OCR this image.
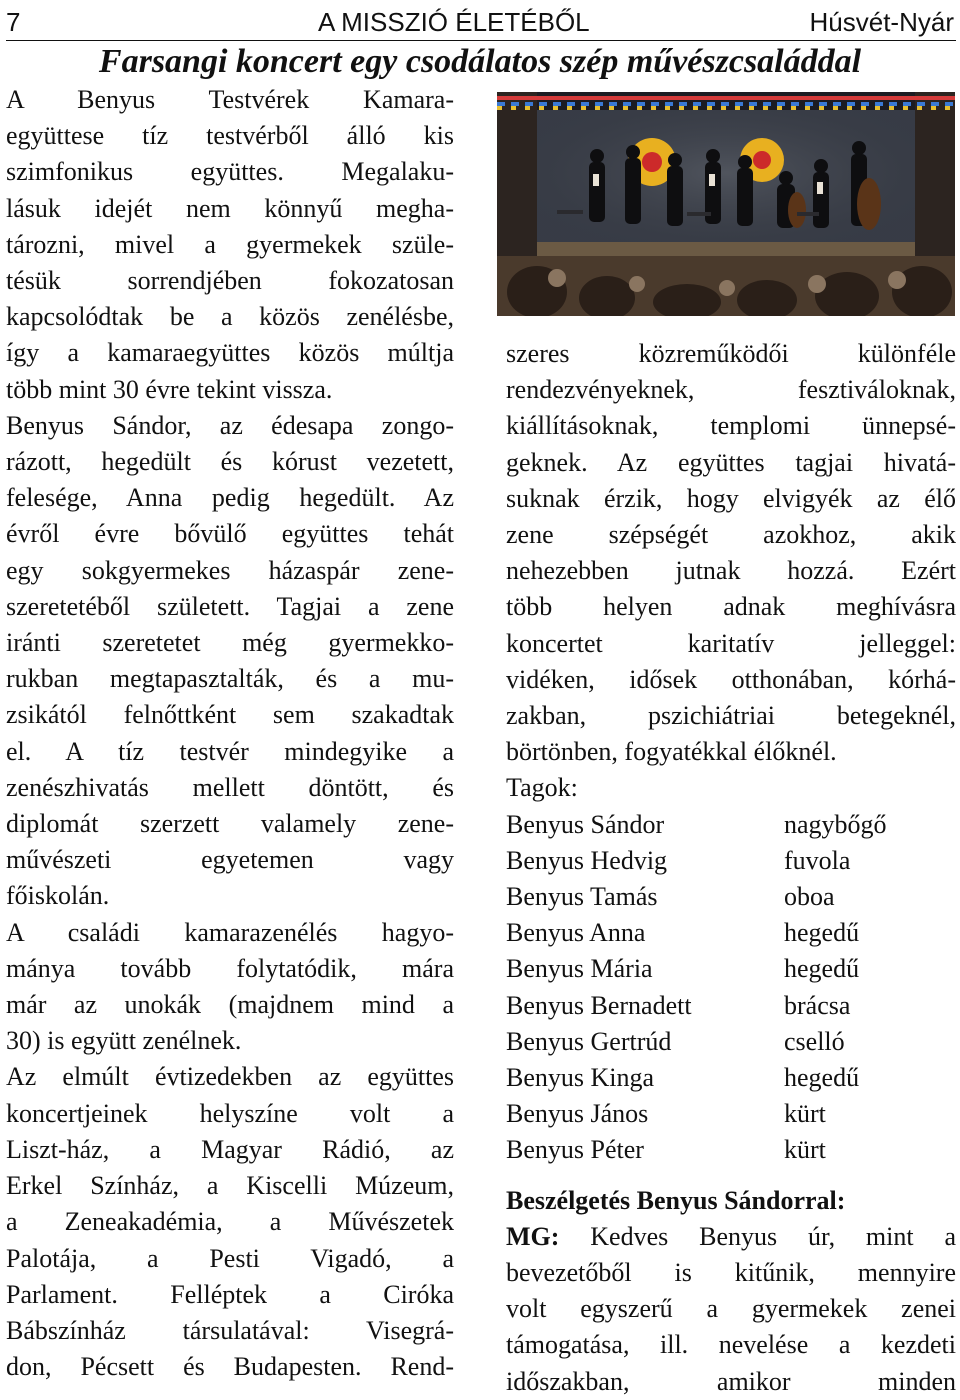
7	A MISSZIÓ ÉLETÉBŐL	Húsvét-Nyár
Farsangi koncert egy csodálatos szép művészcsaláddal

A Benyus Testvérek Kamara-

együttese tíz testvérből álló kis

szimfonikus együttes. Megalaku-

lásuk idejét nem könnyű megha-

tározni, mivel a gyermekek szüle-

tésük sorrendjében fokozatosan

kapcsolódtak be a közös zenélésbe,

így a kamaraegyüttes közös múltja

több mint 30 évre tekint vissza.

Benyus Sándor, az édesapa zongo-

rázott, hegedült és kórust vezetett,

felesége, Anna pedig hegedült. Az

évről évre bővülő együttes tehát

egy sokgyermekes házaspár zene-

szeretetéből született. Tagjai a zene

iránti szeretetet még gyermekko-

rukban megtapasztalták, és a mu-

zsikától felnőttként sem szakadtak

el. A tíz testvér mindegyike a

zenészhivatás mellett döntött, és

diplomát szerzett valamely zene-

művészeti egyetemen vagy

főiskolán.

A családi kamarazenélés hagyo-

mánya tovább folytatódik, mára

már az unokák (majdnem mind a

30) is együtt zenélnek.

Az elmúlt évtizedekben az együttes

koncertjeinek helyszíne volt a

Liszt-ház, a Magyar Rádió, az

Erkel Színház, a Kiscelli Múzeum,

a Zeneakadémia, a Művészetek

Palotája, a Pesti Vigadó, a

Parlament. Felléptek a Ciróka

Bábszínház társulatával: Visegrá-

don, Pécsett és Budapesten. Rend-

szeres közreműködői különféle

rendezvényeknek, fesztiváloknak,

kiállításoknak, templomi ünnepsé-

geknek. Az együttes tagjai hivatá-

suknak érzik, hogy elvigyék az élő

zene szépségét azokhoz, akik

nehezebben jutnak hozzá. Ezért

több helyen adnak meghívásra

koncertet karitatív jelleggel:

vidéken, idősek otthonában, kórhá-

zakban, pszichiátriai betegeknél,

börtönben, fogyatékkal élőknél.

Tagok:

Benyus Sándor	nagybőgő
Benyus Hedvig	fuvola
Benyus Tamás	oboa
Benyus Anna	hegedű
Benyus Mária	hegedű
Benyus Bernadett	brácsa
Benyus Gertrúd	cselló
Benyus Kinga	hegedű
Benyus János	kürt
Benyus Péter	kürt

Beszélgetés Benyus Sándorral:

MG: Kedves Benyus úr, mint a

bevezetőből is kitűnik, mennyire

volt egyszerű a gyermekek zenei

támogatása, ill. nevelése a kezdeti

időszakban, amikor minden
